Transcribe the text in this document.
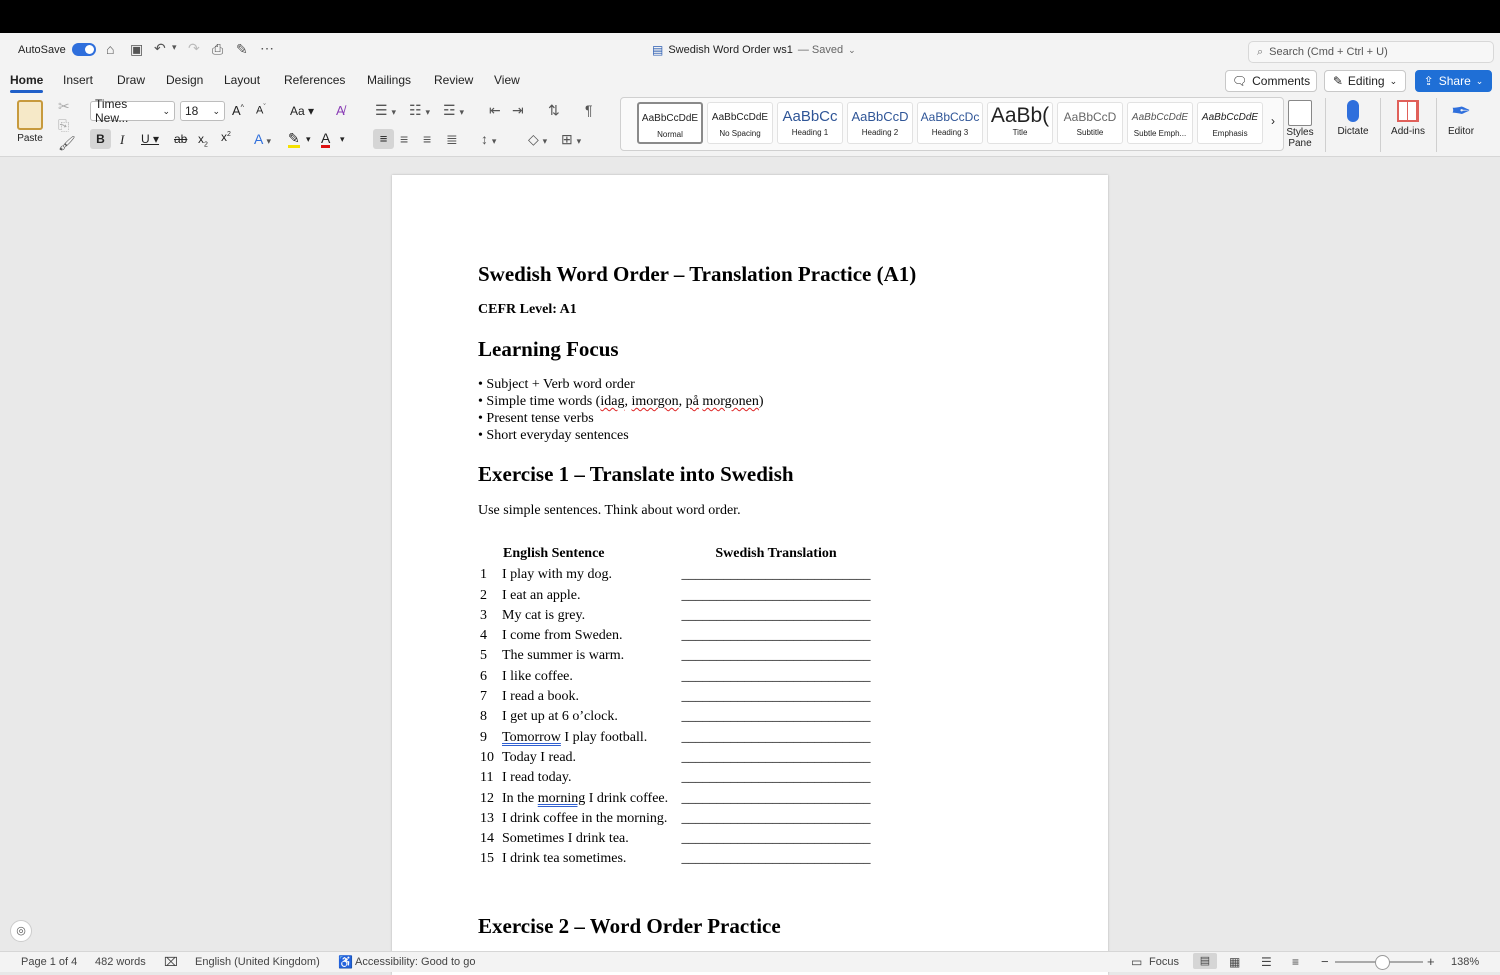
AutoSave	⌂ ▣ ↶ ▾ ↷ ⎙ ✎ ⋯	▤ Swedish Word Order ws1 — Saved ⌄	⌕ Search (Cmd + Ctrl + U)
Home Insert Draw Design Layout References Mailings Review View	🗨 Comments ✎ Editing ⌄ ⇪ Share ⌄
Paste
✂
⎘
🖌
Times New...
⌄ 18 ⌄ A^ $A^ˇ$ Aa ▾ A̸
B	I U ▾ ab $x_2$
$x^2$ A ▾ ✎ ▾ A ▾
☰ ▾ ☷ ▾ ☲ ▾ ⇤ ⇥ ⇅ ¶
≡ ≡ ≡ ≣ ↕ ▾ ◇ ▾ ⊞ ▾
AaBbCcDdE
Normal
AaBbCcDdE
No Spacing
AaBbCc
Heading 1
AaBbCcD
Heading 2
AaBbCcDc
Heading 3
AaBb(
Title
AaBbCcD
Subtitle
AaBbCcDdE
Subtle Emph...
AaBbCcDdE
Emphasis
›
Styles Pane
Dictate	Add-ins
✒
Editor
Swedish Word Order – Translation Practice (A1)
CEFR Level: A1
Learning Focus
• Subject + Verb word order
• Simple time words (idag, imorgon, på morgonen)
• Present tense verbs
• Short everyday sentences
Exercise 1 – Translate into Swedish
Use simple sentences. Think about word order.
	English Sentence	Swedish Translation
1	I play with my dog.	___________________________
2	I eat an apple.	___________________________
3	My cat is grey.	___________________________
4	I come from Sweden.	___________________________
5	The summer is warm.	___________________________
6	I like coffee.	___________________________
7	I read a book.	___________________________
8	I get up at 6 o’clock.	___________________________
9	Tomorrow I play football.	___________________________
10	Today I read.	___________________________
11	I read today.	___________________________
12	In the morning I drink coffee.	___________________________
13	I drink coffee in the morning.	___________________________
14	Sometimes I drink tea.	___________________________
15	I drink tea sometimes.	___________________________
Exercise 2 – Word Order Practice
◎
Page 1 of 4 482 words ⌧ English (United Kingdom) ♿ Accessibility: Good to go	▭ Focus	▤	▦ ☰ ≡ −	+ 138%
